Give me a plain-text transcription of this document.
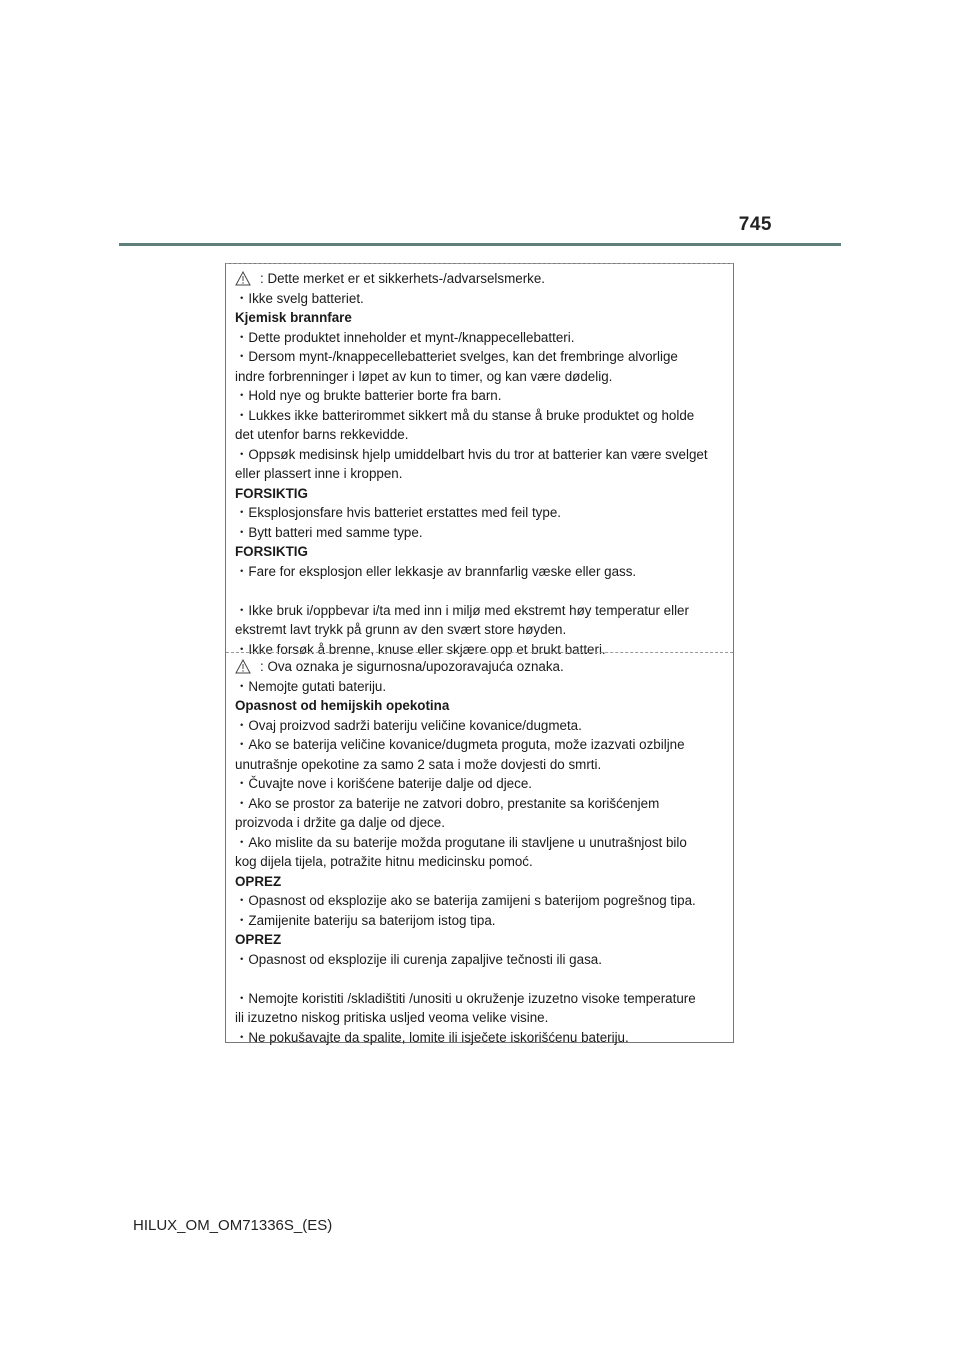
745
: Dette merket er et sikkerhets-/advarselsmerke.
・Ikke svelg batteriet.
Kjemisk brannfare
・Dette produktet inneholder et mynt-/knappecellebatteri.
・Dersom mynt-/knappecellebatteriet svelges, kan det frembringe alvorlige
indre forbrenninger i løpet av kun to timer, og kan være dødelig.
・Hold nye og brukte batterier borte fra barn.
・Lukkes ikke batterirommet sikkert må du stanse å bruke produktet og holde
det utenfor barns rekkevidde.
・Oppsøk medisinsk hjelp umiddelbart hvis du tror at batterier kan være svelget
eller plassert inne i kroppen.
FORSIKTIG
・Eksplosjonsfare hvis batteriet erstattes med feil type.
・Bytt batteri med samme type.
FORSIKTIG
・Fare for eksplosjon eller lekkasje av brannfarlig væske eller gass.
・Ikke bruk i/oppbevar i/ta med inn i miljø med ekstremt høy temperatur eller
ekstremt lavt trykk på grunn av den svært store høyden.
・Ikke forsøk å brenne, knuse eller skjære opp et brukt batteri.
: Ova oznaka je sigurnosna/upozoravajuća oznaka.
・Nemojte gutati bateriju.
Opasnost od hemijskih opekotina
・Ovaj proizvod sadrži bateriju veličine kovanice/dugmeta.
・Ako se baterija veličine kovanice/dugmeta proguta, može izazvati ozbiljne
unutrašnje opekotine za samo 2 sata i može dovjesti do smrti.
・Čuvajte nove i korišćene baterije dalje od djece.
・Ako se prostor za baterije ne zatvori dobro, prestanite sa korišćenjem
proizvoda i držite ga dalje od djece.
・Ako mislite da su baterije možda progutane ili stavljene u unutrašnjost bilo
kog dijela tijela, potražite hitnu medicinsku pomoć.
OPREZ
・Opasnost od eksplozije ako se baterija zamijeni s baterijom pogrešnog tipa.
・Zamijenite bateriju sa baterijom istog tipa.
OPREZ
・Opasnost od eksplozije ili curenja zapaljive tečnosti ili gasa.
・Nemojte koristiti /skladištiti /unositi u okruženje izuzetno visoke temperature
ili izuzetno niskog pritiska usljed veoma velike visine.
・Ne pokušavajte da spalite, lomite ili isječete iskorišćenu bateriju.
HILUX_OM_OM71336S_(ES)
